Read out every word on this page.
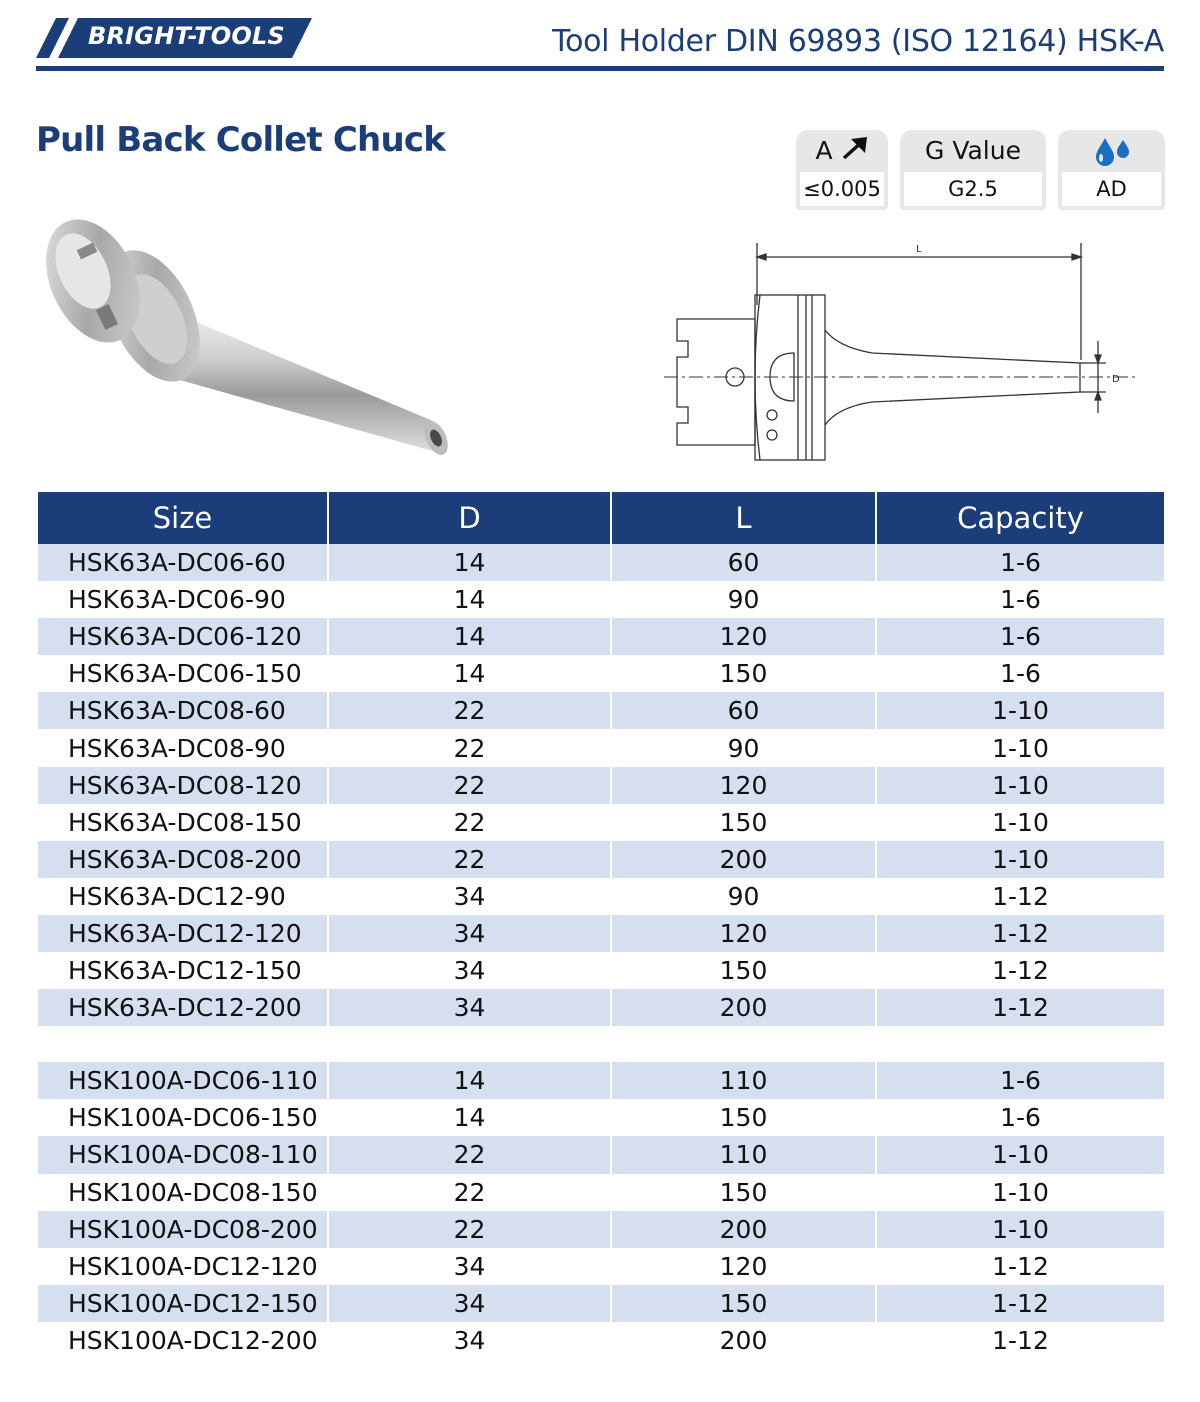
BRIGHT-TOOLS	Tool Holder DIN 69893 (ISO 12164) HSK-A
Pull Back Collet Chuck	A
≤0.005
G Value
G2.5	AD
L
D
Size	D	L	Capacity
HSK63A-DC06-60	14	60	1-6
HSK63A-DC06-90	14	90	1-6
HSK63A-DC06-120	14	120	1-6
HSK63A-DC06-150	14	150	1-6
HSK63A-DC08-60	22	60	1-10
HSK63A-DC08-90	22	90	1-10
HSK63A-DC08-120	22	120	1-10
HSK63A-DC08-150	22	150	1-10
HSK63A-DC08-200	22	200	1-10
HSK63A-DC12-90	34	90	1-12
HSK63A-DC12-120	34	120	1-12
HSK63A-DC12-150	34	150	1-12
HSK63A-DC12-200	34	200	1-12

HSK100A-DC06-110	14	110	1-6
HSK100A-DC06-150	14	150	1-6
HSK100A-DC08-110	22	110	1-10
HSK100A-DC08-150	22	150	1-10
HSK100A-DC08-200	22	200	1-10
HSK100A-DC12-120	34	120	1-12
HSK100A-DC12-150	34	150	1-12
HSK100A-DC12-200	34	200	1-12
